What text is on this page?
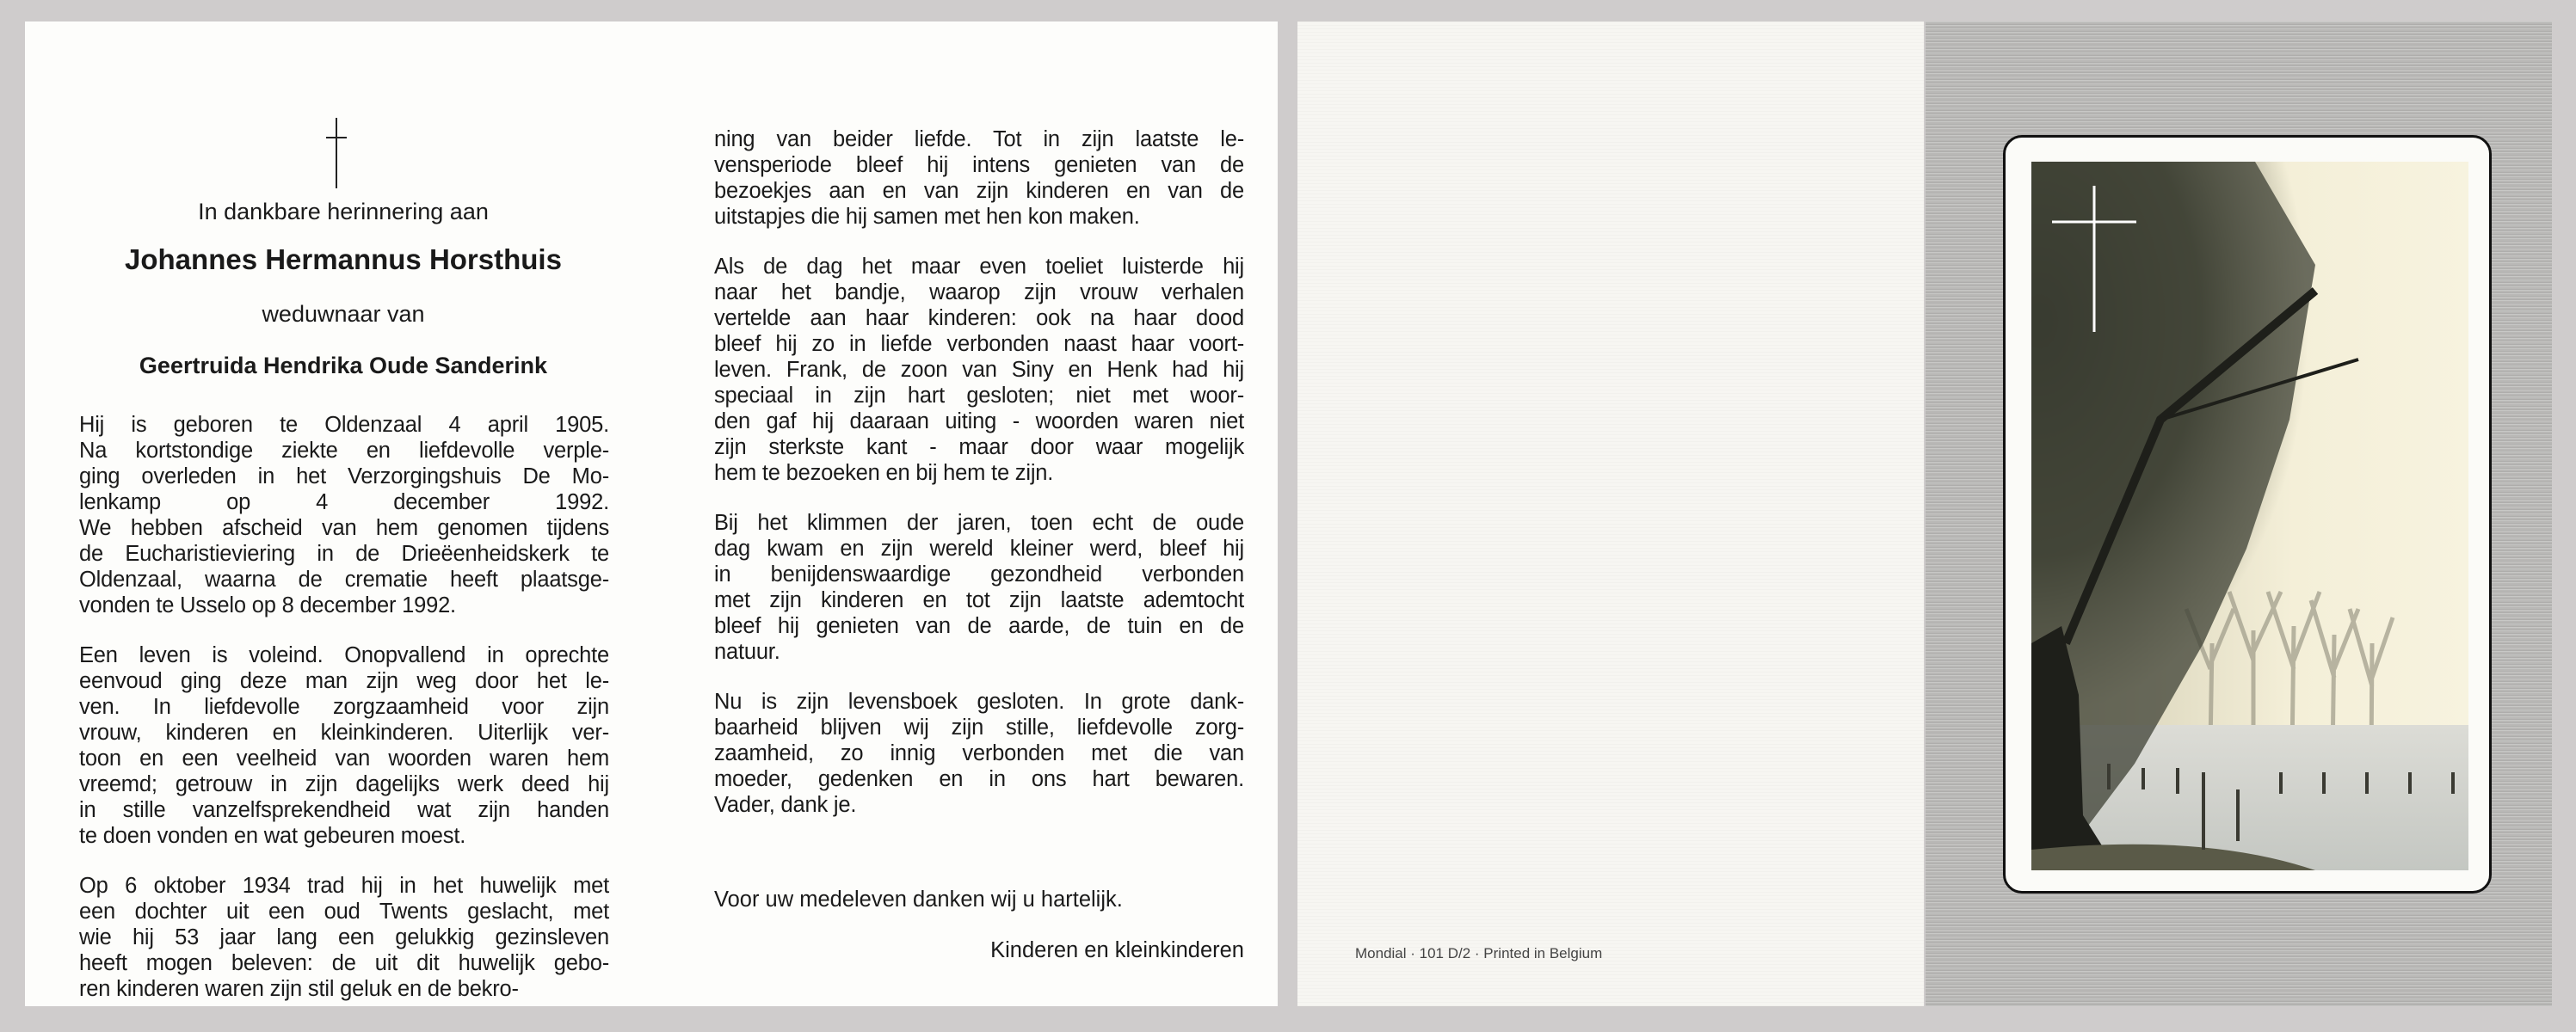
In dankbare herinnering aan
Johannes Hermannus Horsthuis
weduwnaar van
Geertruida Hendrika Oude Sanderink
Hij is geboren te Oldenzaal 4 april 1905.
Na kortstondige ziekte en liefdevolle verple-
ging overleden in het Verzorgingshuis De Mo-
lenkamp op 4 december 1992.
We hebben afscheid van hem genomen tijdens
de Eucharistieviering in de Drieëenheidskerk te
Oldenzaal, waarna de crematie heeft plaatsge-
vonden te Usselo op 8 december 1992.
Een leven is voleind. Onopvallend in oprechte
eenvoud ging deze man zijn weg door het le-
ven. In liefdevolle zorgzaamheid voor zijn
vrouw, kinderen en kleinkinderen. Uiterlijk ver-
toon en een veelheid van woorden waren hem
vreemd; getrouw in zijn dagelijks werk deed hij
in stille vanzelfsprekendheid wat zijn handen
te doen vonden en wat gebeuren moest.
Op 6 oktober 1934 trad hij in het huwelijk met
een dochter uit een oud Twents geslacht, met
wie hij 53 jaar lang een gelukkig gezinsleven
heeft mogen beleven: de uit dit huwelijk gebo-
ren kinderen waren zijn stil geluk en de bekro-
ning van beider liefde. Tot in zijn laatste le-
vensperiode bleef hij intens genieten van de
bezoekjes aan en van zijn kinderen en van de
uitstapjes die hij samen met hen kon maken.
Als de dag het maar even toeliet luisterde hij
naar het bandje, waarop zijn vrouw verhalen
vertelde aan haar kinderen: ook na haar dood
bleef hij zo in liefde verbonden naast haar voort-
leven. Frank, de zoon van Siny en Henk had hij
speciaal in zijn hart gesloten; niet met woor-
den gaf hij daaraan uiting - woorden waren niet
zijn sterkste kant - maar door waar mogelijk
hem te bezoeken en bij hem te zijn.
Bij het klimmen der jaren, toen echt de oude
dag kwam en zijn wereld kleiner werd, bleef hij
in benijdenswaardige gezondheid verbonden
met zijn kinderen en tot zijn laatste ademtocht
bleef hij genieten van de aarde, de tuin en de
natuur.
Nu is zijn levensboek gesloten. In grote dank-
baarheid blijven wij zijn stille, liefdevolle zorg-
zaamheid, zo innig verbonden met die van
moeder, gedenken en in ons hart bewaren.
Vader, dank je.
Voor uw medeleven danken wij u hartelijk.
Kinderen en kleinkinderen	Mondial · 101 D/2 · Printed in Belgium
